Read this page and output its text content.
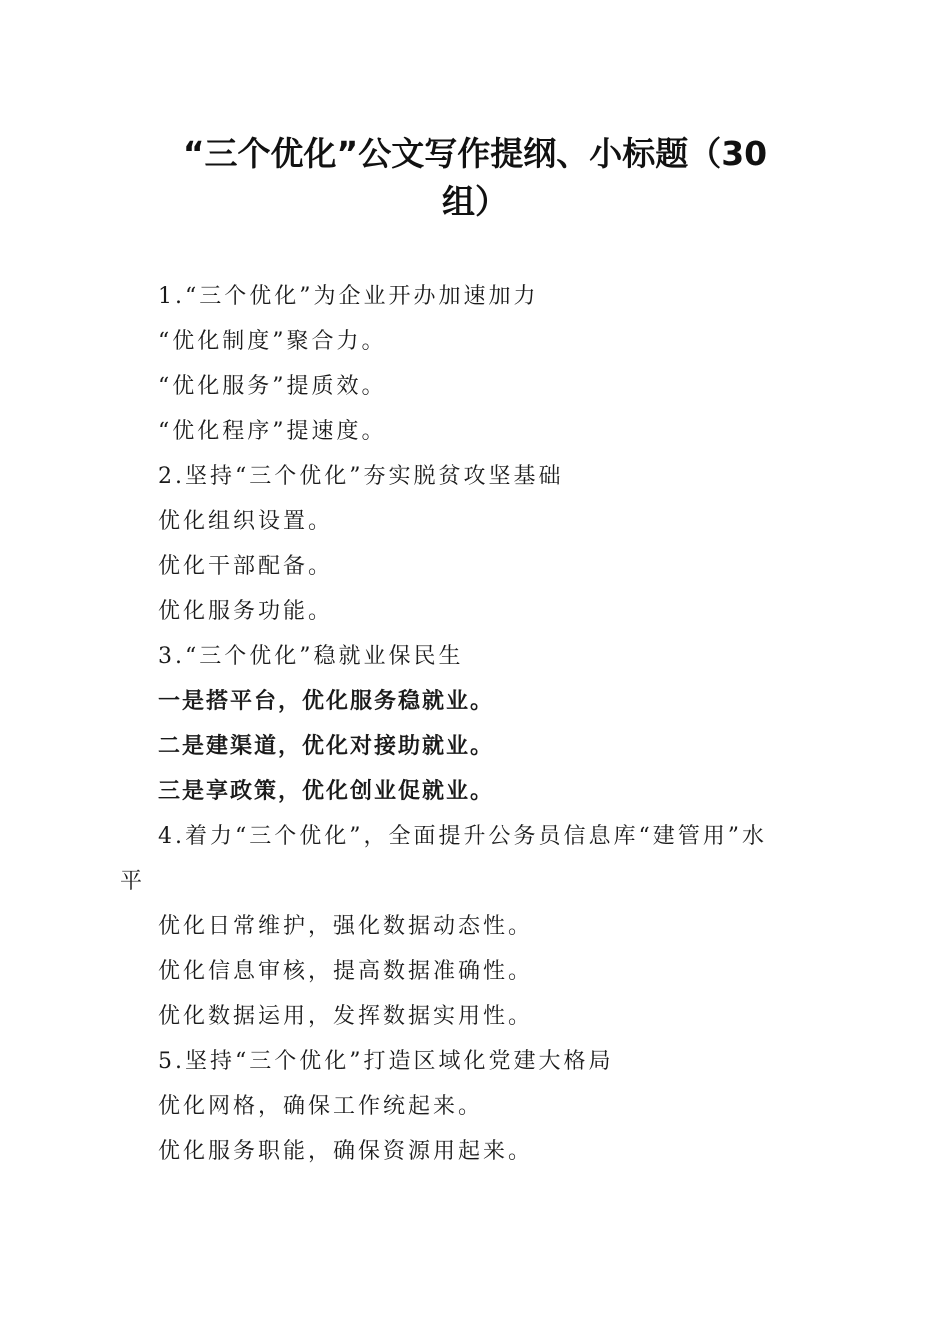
“三个优化”公文写作提纲、小标题（30
组）
1.“三个优化”为企业开办加速加力
“优化制度”聚合力。
“优化服务”提质效。
“优化程序”提速度。
2.坚持“三个优化”夯实脱贫攻坚基础
优化组织设置。
优化干部配备。
优化服务功能。
3.“三个优化”稳就业保民生
一是搭平台，优化服务稳就业。
二是建渠道，优化对接助就业。
三是享政策，优化创业促就业。
4.着力“三个优化”，全面提升公务员信息库“建管用”水
平
优化日常维护，强化数据动态性。
优化信息审核，提高数据准确性。
优化数据运用，发挥数据实用性。
5.坚持“三个优化”打造区域化党建大格局
优化网格，确保工作统起来。
优化服务职能，确保资源用起来。
